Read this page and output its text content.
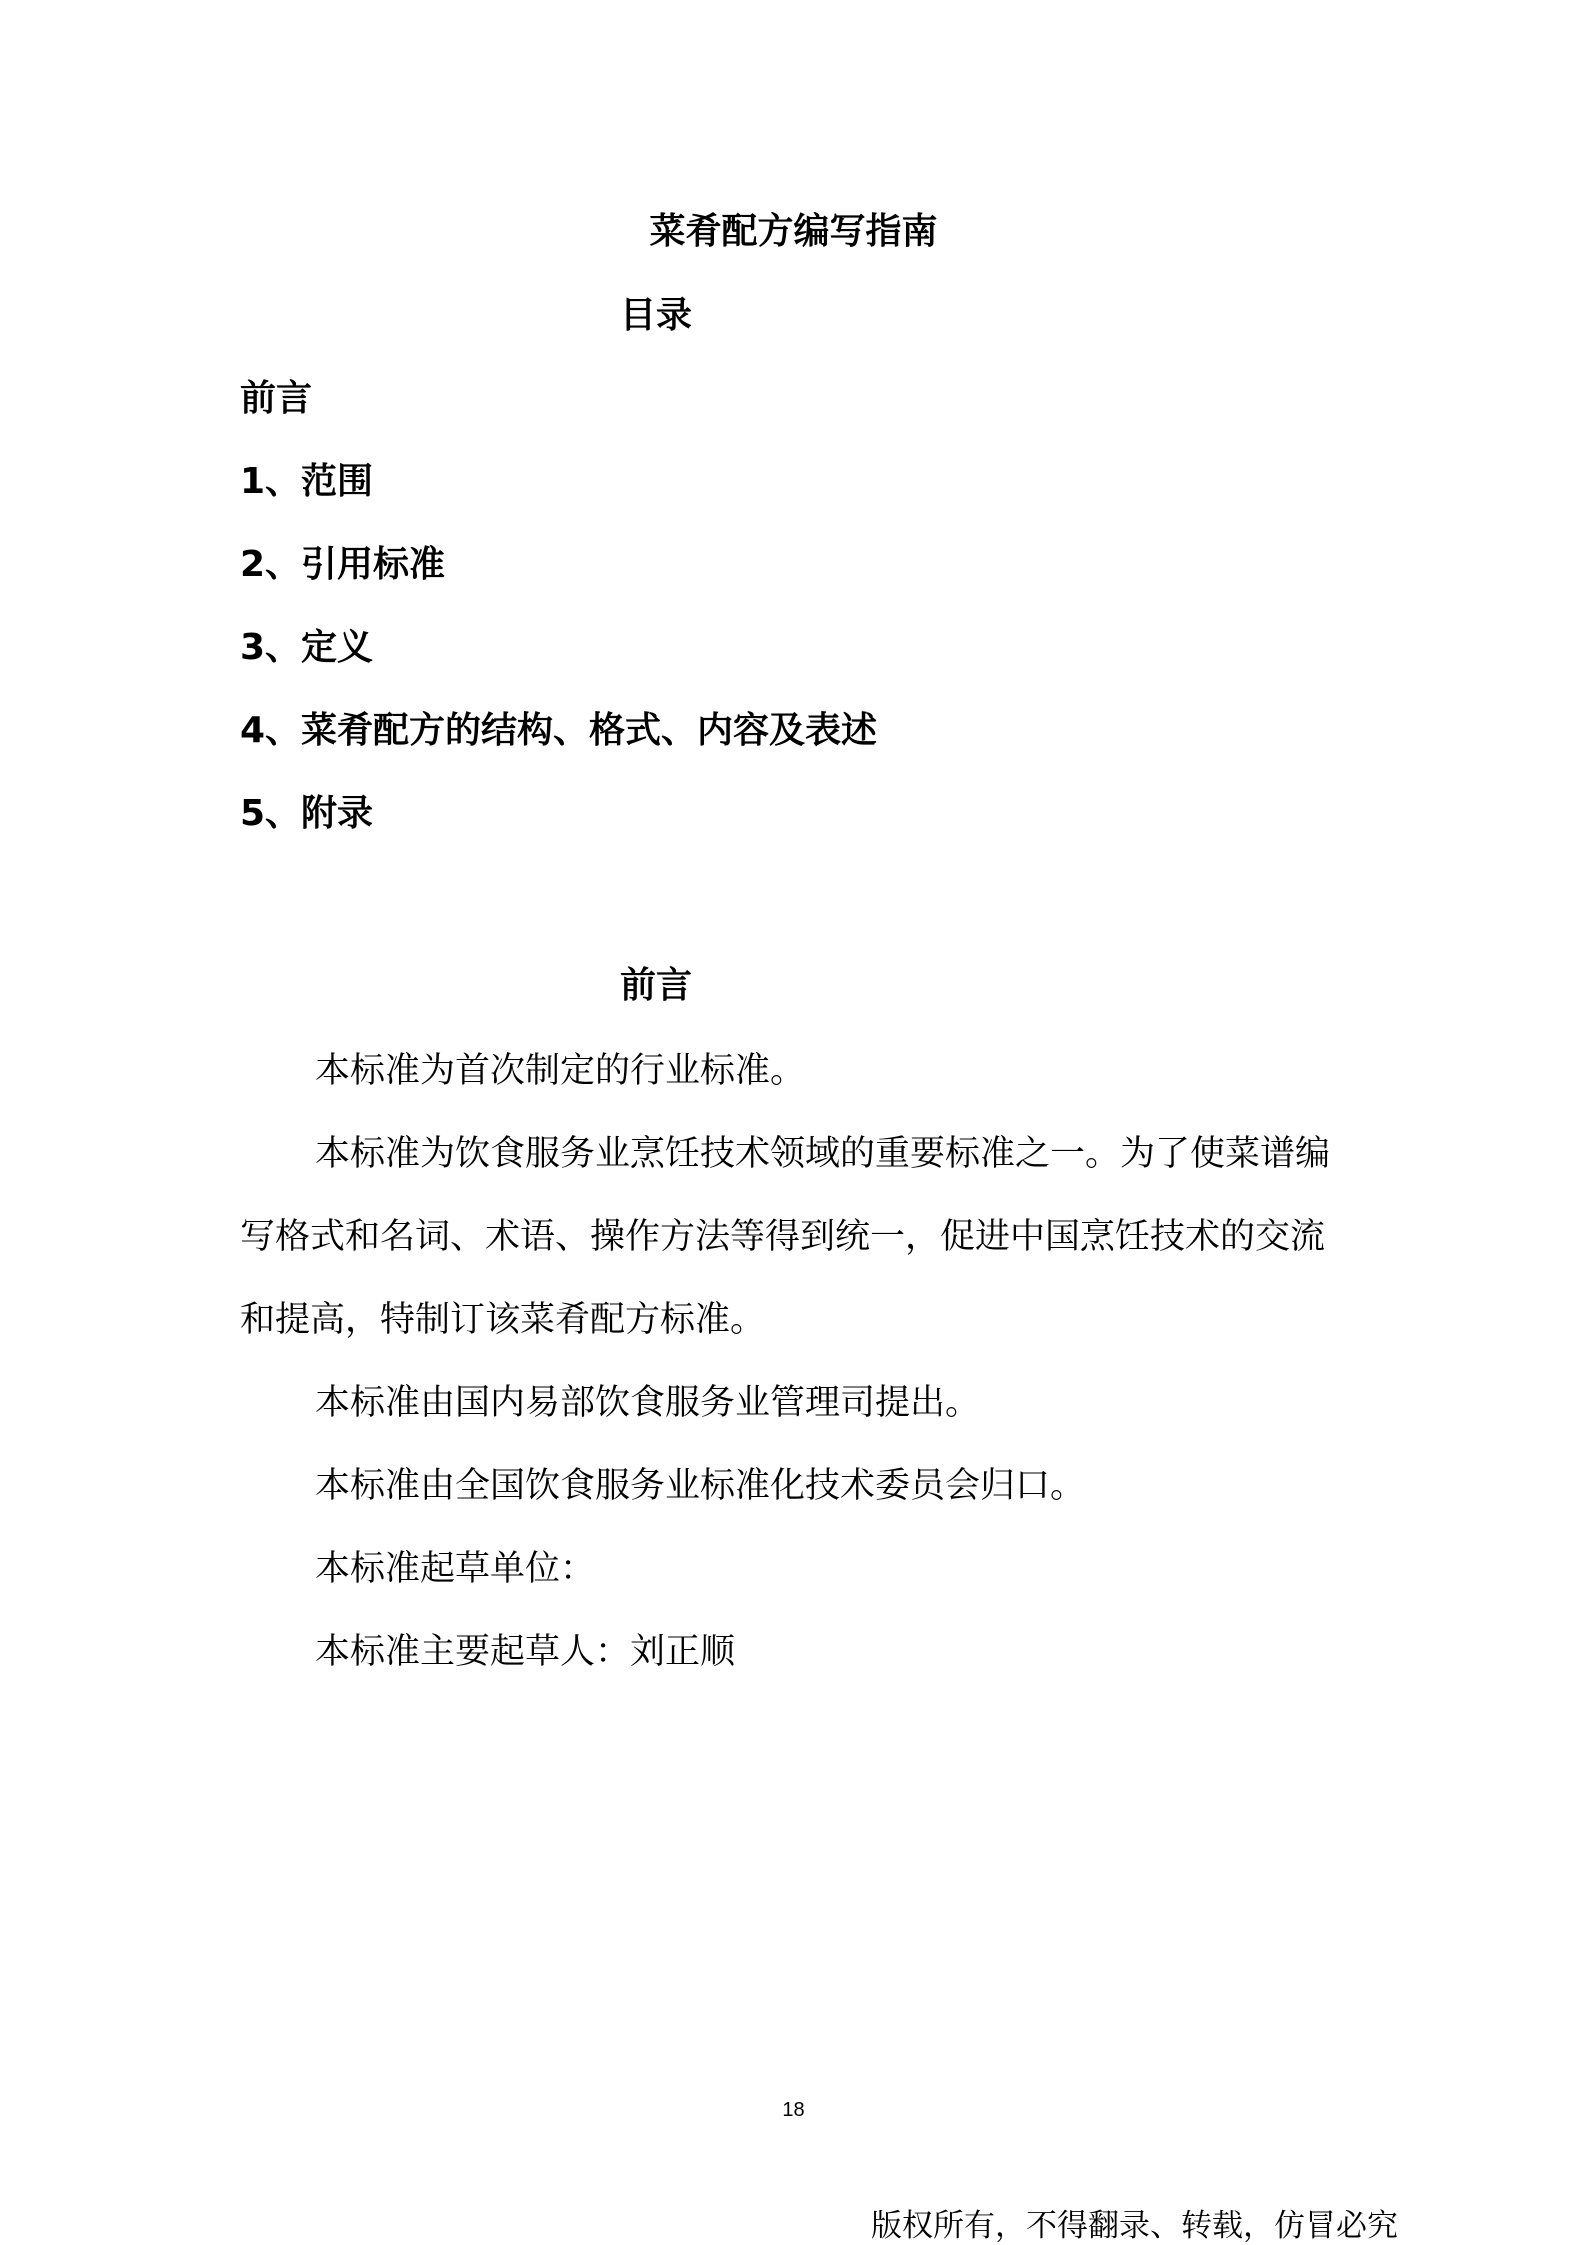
菜肴配方编写指南
目录
前言
1、范围
2、引用标准
3、定义
4、菜肴配方的结构、格式、内容及表述
5、附录
前言
本标准为首次制定的行业标准。
本标准为饮食服务业烹饪技术领域的重要标准之一。为了使菜谱编写格式和名词、术语、操作方法等得到统一，促进中国烹饪技术的交流和提高，特制订该菜肴配方标准。
本标准由国内易部饮食服务业管理司提出。
本标准由全国饮食服务业标准化技术委员会归口。
本标准起草单位：
本标准主要起草人：刘正顺
18
版权所有，不得翻录、转载，仿冒必究
